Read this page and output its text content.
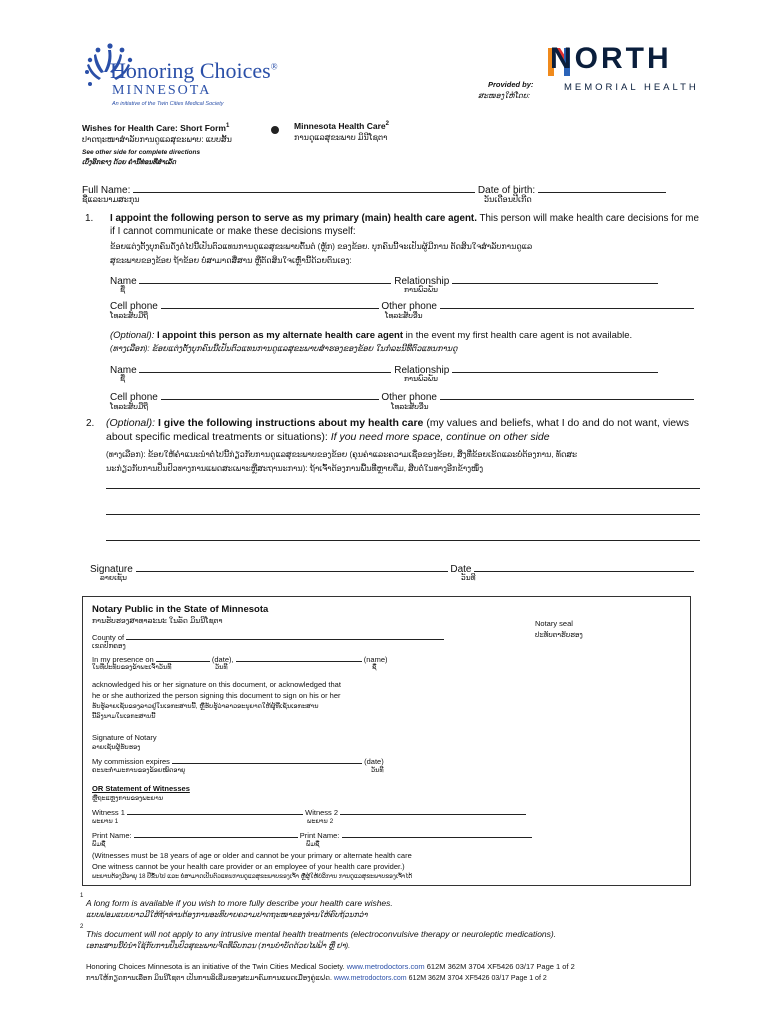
Honoring Choices®
MINNESOTA
An initiative of the Twin Cities Medical Society
Provided by:
ສະໜອງໃຫ້ໂດຍ:
NORTH
MEMORIAL HEALTH
Wishes for Health Care: Short Form$^1$
ປາດຖະໜາສຳລັບການດູແລສຸຂະພາບ: ແບບສັ້ນ
Minnesota Health Care$^2$
ການດູແລສຸຂະພາບ ມິນີໂຊຕາ
See other side for complete directions
ເບິ່ງອີກຂາງ ດ້ວຍ ຄຳນີ້ທ່ອນທີ່ສຳເລັດ
Full Name:	Date of birth:
ຊື່ແລະນາມສະກຸນ	ວັນເດືອນປີເກີດ
1. I appoint the following person to serve as my primary (main) health care agent. This person will make health care decisions for me if I cannot communicate or make these decisions myself:
ຂ້ອຍແຕ່ງຕັ້ງບຸກຄົນດັ່ງຕໍ່ໄປນີ້ເປັນຕົວແທນການດູແລສຸຂະພາບຕົ້ນຕໍ (ຫຼັກ) ຂອງຂ້ອຍ. ບຸກຄົນນີ້ຈະເປັນຜູ້ມີການ ຕັດສິນໃຈສຳລັບການດູແລ
ສຸຂະພາບຂອງຂ້ອຍ ຖ້າຂ້ອຍ ບໍ່ສາມາດສື່ສານ ຫຼືຕັດສິນໃຈເຫຼົ່ານີ້ດ້ວຍຕົນເອງ:
Name	Relationship
ຊື່	ການພົວພັນ
Cell phone	Other phone
ໂທລະສັບມືຖື	ໂທລະສັບອື່ນ
(Optional): I appoint this person as my alternate health care agent in the event my first health care agent is not available.
(ທາງເລືອກ): ຂ້ອຍແຕ່ງຕັ້ງບຸກຄົນນີ້ເປັນຕົວແທນການດູແລສຸຂະພາບສຳຮອງຂອງຂ້ອຍ ໃນກໍລະນີທີ່ຕົວແທນການດູ
Name	Relationship
ຊື່	ການພົວພັນ
Cell phone	Other phone
ໂທລະສັບມືຖື	ໂທລະສັບອື່ນ
2. (Optional): I give the following instructions about my health care (my values and beliefs, what I do and do not want, views about specific medical treatments or situations): If you need more space, continue on other side
(ທາງເລືອກ): ຂ້ອຍໃຫ້ຄຳແນະນຳຕໍ່ໄປນີ້ກ່ຽວກັບການດູແລສຸຂະພາບຂອງຂ້ອຍ (ຄຸນຄ່າແລະຄວາມເຊື່ອຂອງຂ້ອຍ, ສິ່ງທີ່ຂ້ອຍເຮັດແລະບໍ່ຕ້ອງການ, ທັດສະ
ນະກ່ຽວກັບການປິ່ນປົວທາງການແພດສະເພາະຫຼືສະຖານະການ): ຖ້າເຈົ້າຕ້ອງການພື້ນທີ່ຫຼາຍຕື່ມ, ສືບຕໍ່ໃນທາງອີກຂ້າງໜຶ່ງ
Signature	Date
ລາຍເຊັນ	ວັນທີ
Notary Public in the State of Minnesota
ການຮັບຮອງສາທາລະນະ ໃນລັດ ມິນນີໂຊຕາ	Notary seal
ປະທັບຕາຮັບຮອງ
County of
ເຂດປົກຄອງ
In my presence on	(date),	(name)
ໃນທີ່ປະທັບຂອງຂ້າພະເຈົ້າວັນທີ	ວັນທີ	ຊື່
acknowledged his or her signature on this document, or acknowledged that
he or she authorized the person signing this document to sign on his or her
ຮັບຮູ້ລາຍເຊັນຂອງລາວຢູ່ໃນເອກະສານນີ້, ຫຼືຮັບຮູ້ວ່າລາວອະນຸຍາດໃຫ້ຜູ້ທີ່ເຊັນເອກະສານ
ນີ້ລົງນາມໃນເອກະສານນີ້
Signature of Notary
ລາຍເຊັນຜູ້ຮັບຮອງ
My commission expires	(date)
ຄະນະກຳມະການຂອງຂ້ອຍໝົດອາຍຸ	ວັນທີ
OR Statement of Witnesses
ຫຼືຖະແຫຼງການຂອງພະຍານ
Witness 1	Witness 2
ພະຍານ 1	ພະຍານ 2
Print Name:	Print Name:
ພິມຊື່	ພິມຊື່
(Witnesses must be 18 years of age or older and cannot be your primary or alternate health care
One witness cannot be your health care provider or an employee of your health care provider.)
ພະຍານຕ້ອງມີອາຍຸ 18 ປີຂຶ້ນໄປ ແລະ ບໍ່ສາມາດເປັນຕົວແທນການດູແລສຸຂະພາບຂອງເຈົ້າ ຫຼືຜູ້ໃຫ້ບໍລິການ ການດູແລສຸຂະພາບຂອງເຈົ້າໄດ້
1
A long form is available if you wish to more fully describe your health care wishes.
ແບບຟອມແບບຍາວມີໃຫ້ຖ້າທ່ານຕ້ອງການອະທິບາຍຄວາມປາດຖະໜາຂອງທ່ານໃຫ້ຄົບຖ້ວນກວ່າ
2
This document will not apply to any intrusive mental health treatments (electroconvulsive therapy or neuroleptic medications).
ເອກະສານນີ້ບໍ່ນຳໃຊ້ກັບການປິ່ນປົວສຸຂະພາບຈິດທີ່ລົບກວນ (ການບຳບັດດ້ວຍໄຟຟ້າ ຫຼື ຢາ).
Honoring Choices Minnesota is an initiative of the Twin Cities Medical Society. www.metrodoctors.com 612M 362M 3704 XF5426 03/17 Page 1 of 2
ການໃຫ້ກຽດການເລືອກ ມິນນີໂຊຕາ ເປັນການລິເລີ່ມຂອງສະມາຄົມການແພດເມືອງຄູ່ແຝດ. www.metrodoctors.com 612M 362M 3704 XF5426 03/17 Page 1 of 2
